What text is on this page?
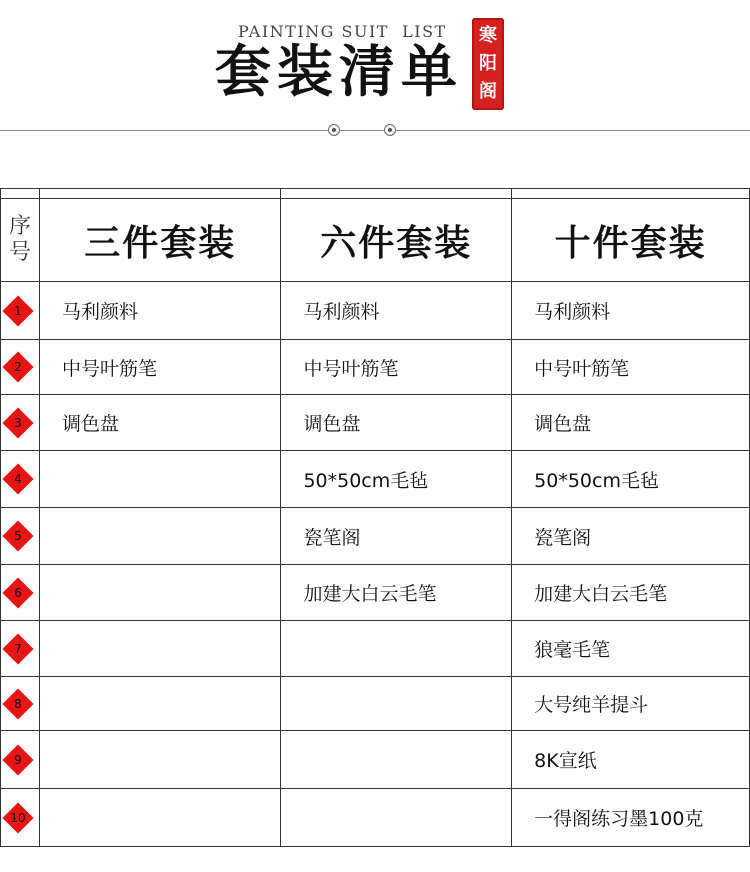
PAINTING SUIT  LIST
套装清单
寒
阳
阁

序
号	三件套装	六件套装	十件套装

1	马利颜料	马利颜料	马利颜料

2	中号叶筋笔	中号叶筋笔	中号叶筋笔

3	调色盘	调色盘	调色盘

4		50*50cm毛毡	50*50cm毛毡

5		瓷笔阁	瓷笔阁

6		加建大白云毛笔	加建大白云毛笔

7			狼毫毛笔

8			大号纯羊提斗

9			8K宣纸

10			一得阁练习墨100克
